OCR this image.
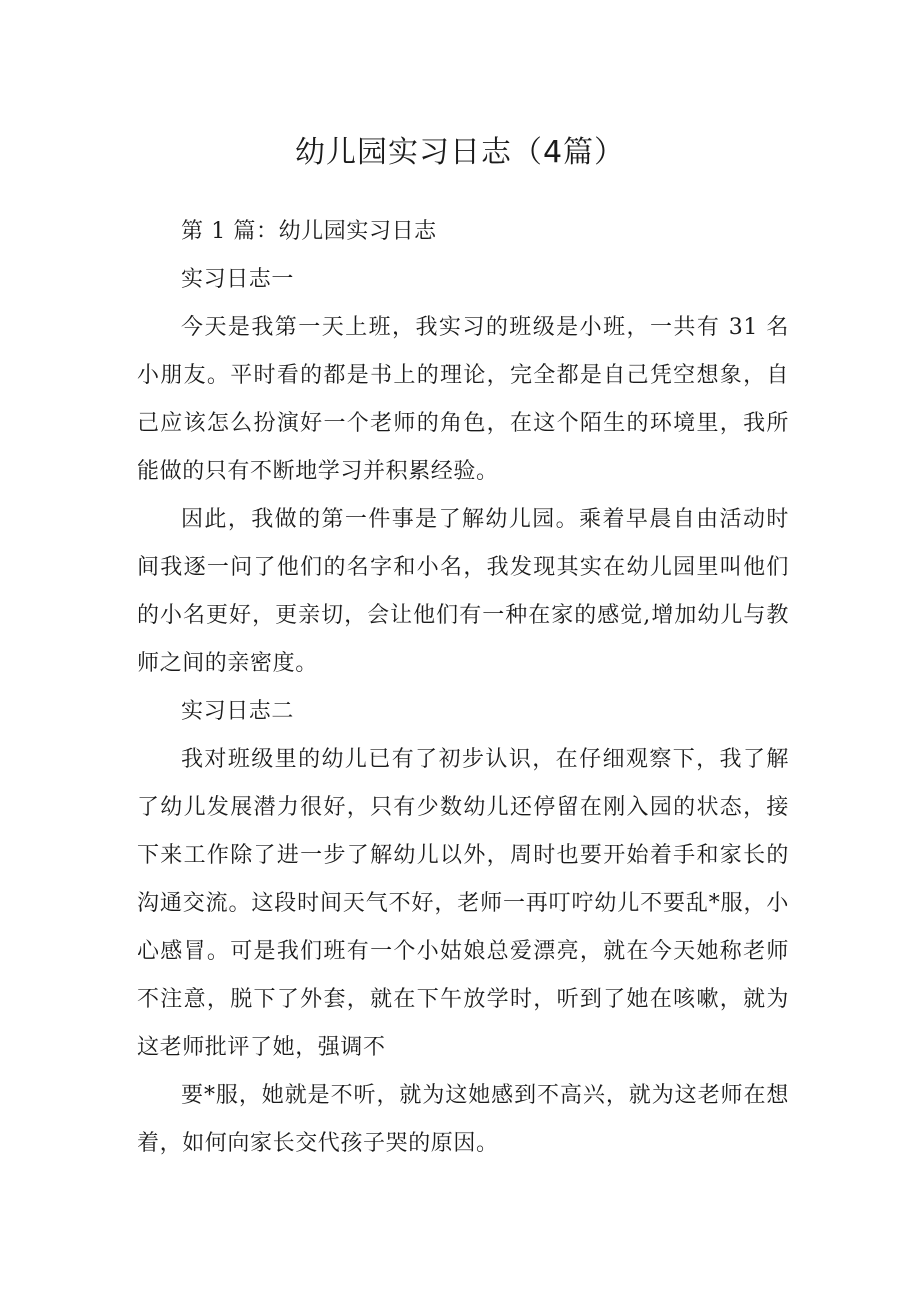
幼儿园实习日志（4篇）

第 1 篇：幼儿园实习日志

实习日志一

今天是我第一天上班，我实习的班级是小班，一共有 31 名小朋友。平时看的都是书上的理论，完全都是自己凭空想象，自己应该怎么扮演好一个老师的角色，在这个陌生的环境里，我所能做的只有不断地学习并积累经验。

因此，我做的第一件事是了解幼儿园。乘着早晨自由活动时间我逐一问了他们的名字和小名，我发现其实在幼儿园里叫他们的小名更好，更亲切，会让他们有一种在家的感觉,增加幼儿与教师之间的亲密度。

实习日志二

我对班级里的幼儿已有了初步认识，在仔细观察下，我了解了幼儿发展潜力很好，只有少数幼儿还停留在刚入园的状态，接下来工作除了进一步了解幼儿以外，周时也要开始着手和家长的沟通交流。这段时间天气不好，老师一再叮咛幼儿不要乱*服，小心感冒。可是我们班有一个小姑娘总爱漂亮，就在今天她称老师不注意，脱下了外套，就在下午放学时，听到了她在咳嗽，就为这老师批评了她，强调不

要*服，她就是不听，就为这她感到不高兴，就为这老师在想着，如何向家长交代孩子哭的原因。
